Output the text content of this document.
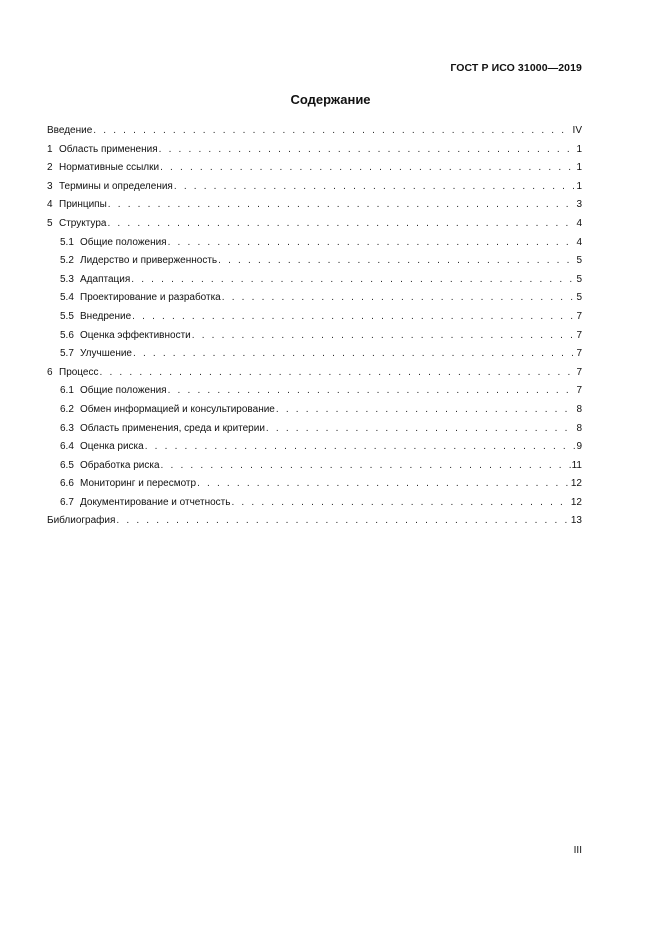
ГОСТ Р ИСО 31000—2019
Содержание
Введение . . .	IV
1 Область применения . . .	1
2 Нормативные ссылки . . .	1
3 Термины и определения . . .	1
4 Принципы . . .	3
5 Структура . . .	4
5.1 Общие положения . . .	4
5.2 Лидерство и приверженность . . .	5
5.3 Адаптация . . .	5
5.4 Проектирование и разработка . . .	5
5.5 Внедрение . . .	7
5.6 Оценка эффективности . . .	7
5.7 Улучшение . . .	7
6 Процесс . . .	7
6.1 Общие положения . . .	7
6.2 Обмен информацией и консультирование . . .	8
6.3 Область применения, среда и критерии . . .	8
6.4 Оценка риска . . .	9
6.5 Обработка риска . . .	11
6.6 Мониторинг и пересмотр . . .	12
6.7 Документирование и отчетность . . .	12
Библиография . . .	13
III
